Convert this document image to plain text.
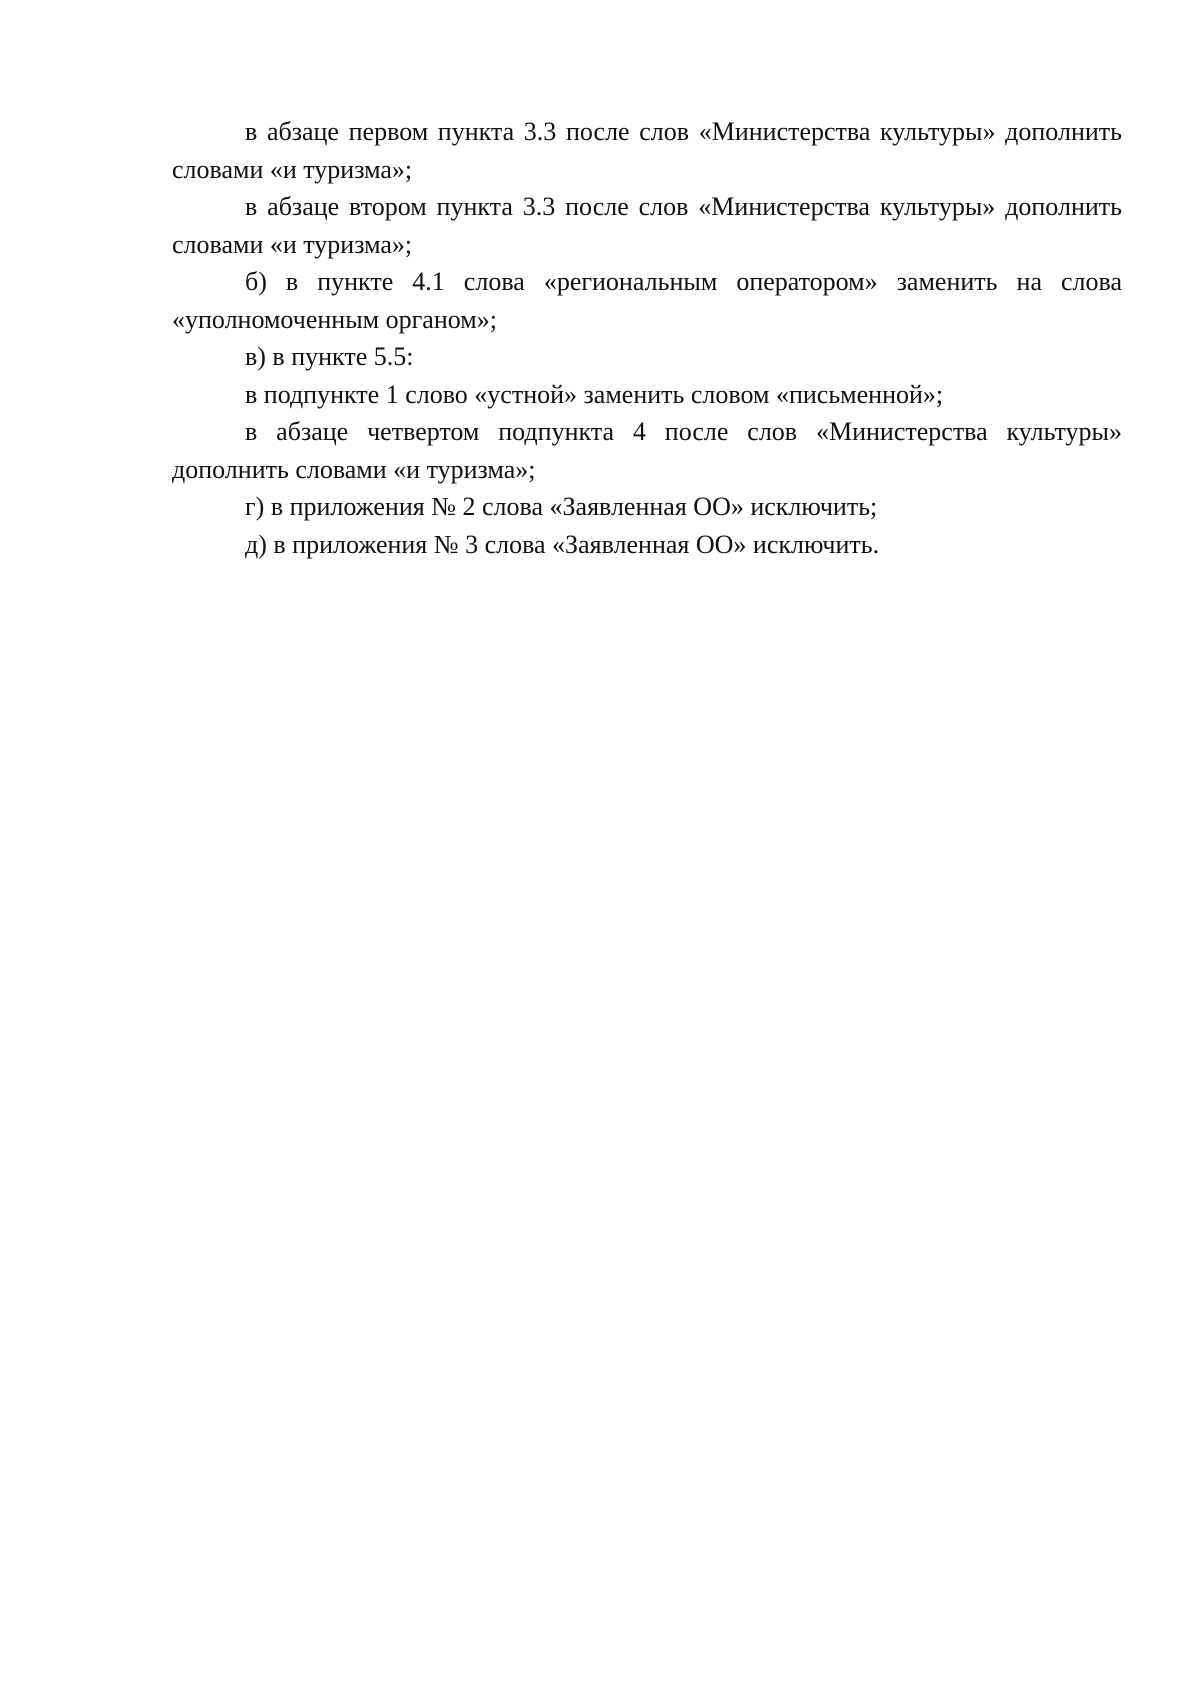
в абзаце первом пункта 3.3 после слов «Министерства культуры» дополнить словами «и туризма»;

в абзаце втором пункта 3.3 после слов «Министерства культуры» дополнить словами «и туризма»;

б) в пункте 4.1 слова «региональным оператором» заменить на слова «уполномоченным органом»;

в) в пункте 5.5:

в подпункте 1 слово «устной» заменить словом «письменной»;

в абзаце четвертом подпункта 4 после слов «Министерства культуры» дополнить словами «и туризма»;

г) в приложения № 2 слова «Заявленная ОО» исключить;

д) в приложения № 3 слова «Заявленная ОО» исключить.
